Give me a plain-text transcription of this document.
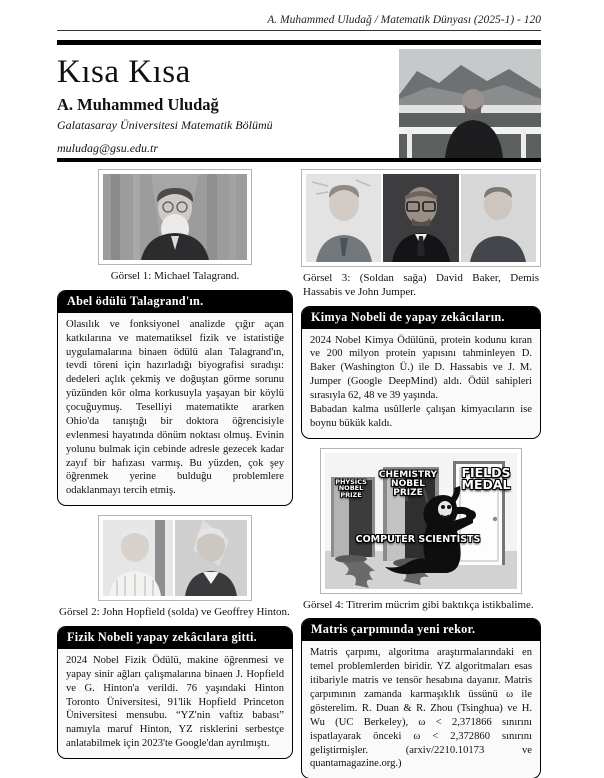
A. Muhammed Uludağ / Matematik Dünyası (2025-1) - 120
Kısa Kısa
A. Muhammed Uludağ
Galatasaray Üniversitesi Matematik Bölümü
muludag@gsu.edu.tr
Görsel 1: Michael Talagrand.
Abel ödülü Talagrand'ın.
Olasılık ve fonksiyonel analizde çığır açan katkılarına ve matematiksel fizik ve istatistiğe uygulamalarına binaen ödülü alan Talagrand'ın, tevdi töreni için hazırladığı biyografisi sıradışı: dedeleri açlık çekmiş ve doğuştan görme sorunu yüzünden kör olma korkusuyla yaşayan bir köylü çocuğuymuş. Teselliyi matematikte ararken Ohio'da tanıştığı bir doktora öğrencisiyle evlenmesi hayatında dönüm noktası olmuş. Evinin yolunu bulmak için cebinde adresle gezecek kadar zayıf bir hafızası varmış. Bu yüzden, çok şey öğrenmek yerine bulduğu problemlere odaklanmayı tercih etmiş.
Görsel 2: John Hopfield (solda) ve Geoffrey Hinton.
Fizik Nobeli yapay zekâcılara gitti.
2024 Nobel Fizik Ödülü, makine öğrenmesi ve yapay sinir ağları çalışmalarına binaen J. Hopfield ve G. Hinton'a verildi. 76 yaşındaki Hinton Toronto Üniversitesi, 91'lik Hopfield Princeton Üniversitesi mensubu. “YZ'nin vaftiz babası” namıyla maruf Hinton, YZ risklerini serbestçe anlatabilmek için 2023'te Google'dan ayrılmıştı.
Görsel 3: (Soldan sağa) David Baker, Demis Hassabis ve John Jumper.
Kimya Nobeli de yapay zekâcıların.

2024 Nobel Kimya Ödülünü, protein kodunu kıran ve 200 milyon protein yapısını tahminleyen D. Baker (Washington Ü.) ile D. Hassabis ve J. M. Jumper (Google DeepMind) aldı. Ödül sahipleri sırasıyla 62, 48 ve 39 yaşında.

Babadan kalma usûllerle çalışan kimyacıların ise boynu bükük kaldı.

PHYSICS NOBEL PRIZE
CHEMISTRY NOBEL PRIZE
FIELDS MEDAL
COMPUTER SCIENTISTS
Görsel 4: Titrerim mücrim gibi baktıkça istikbalime.
Matris çarpımında yeni rekor.
Matris çarpımı, algoritma araştırmalarındaki en temel problemlerden biridir. YZ algoritmaları esas itibariyle matris ve tensör hesabına dayanır. Matris çarpımının zamanda karmaşıklık üssünü ω ile gösterelim. R. Duan & R. Zhou (Tsinghua) ve H. Wu (UC Berkeley), ω < 2,371866 sınırını ispatlayarak önceki ω < 2,372860 sınırını geliştirmişler. (arxiv/2210.10173 ve quantamagazine.org.)
